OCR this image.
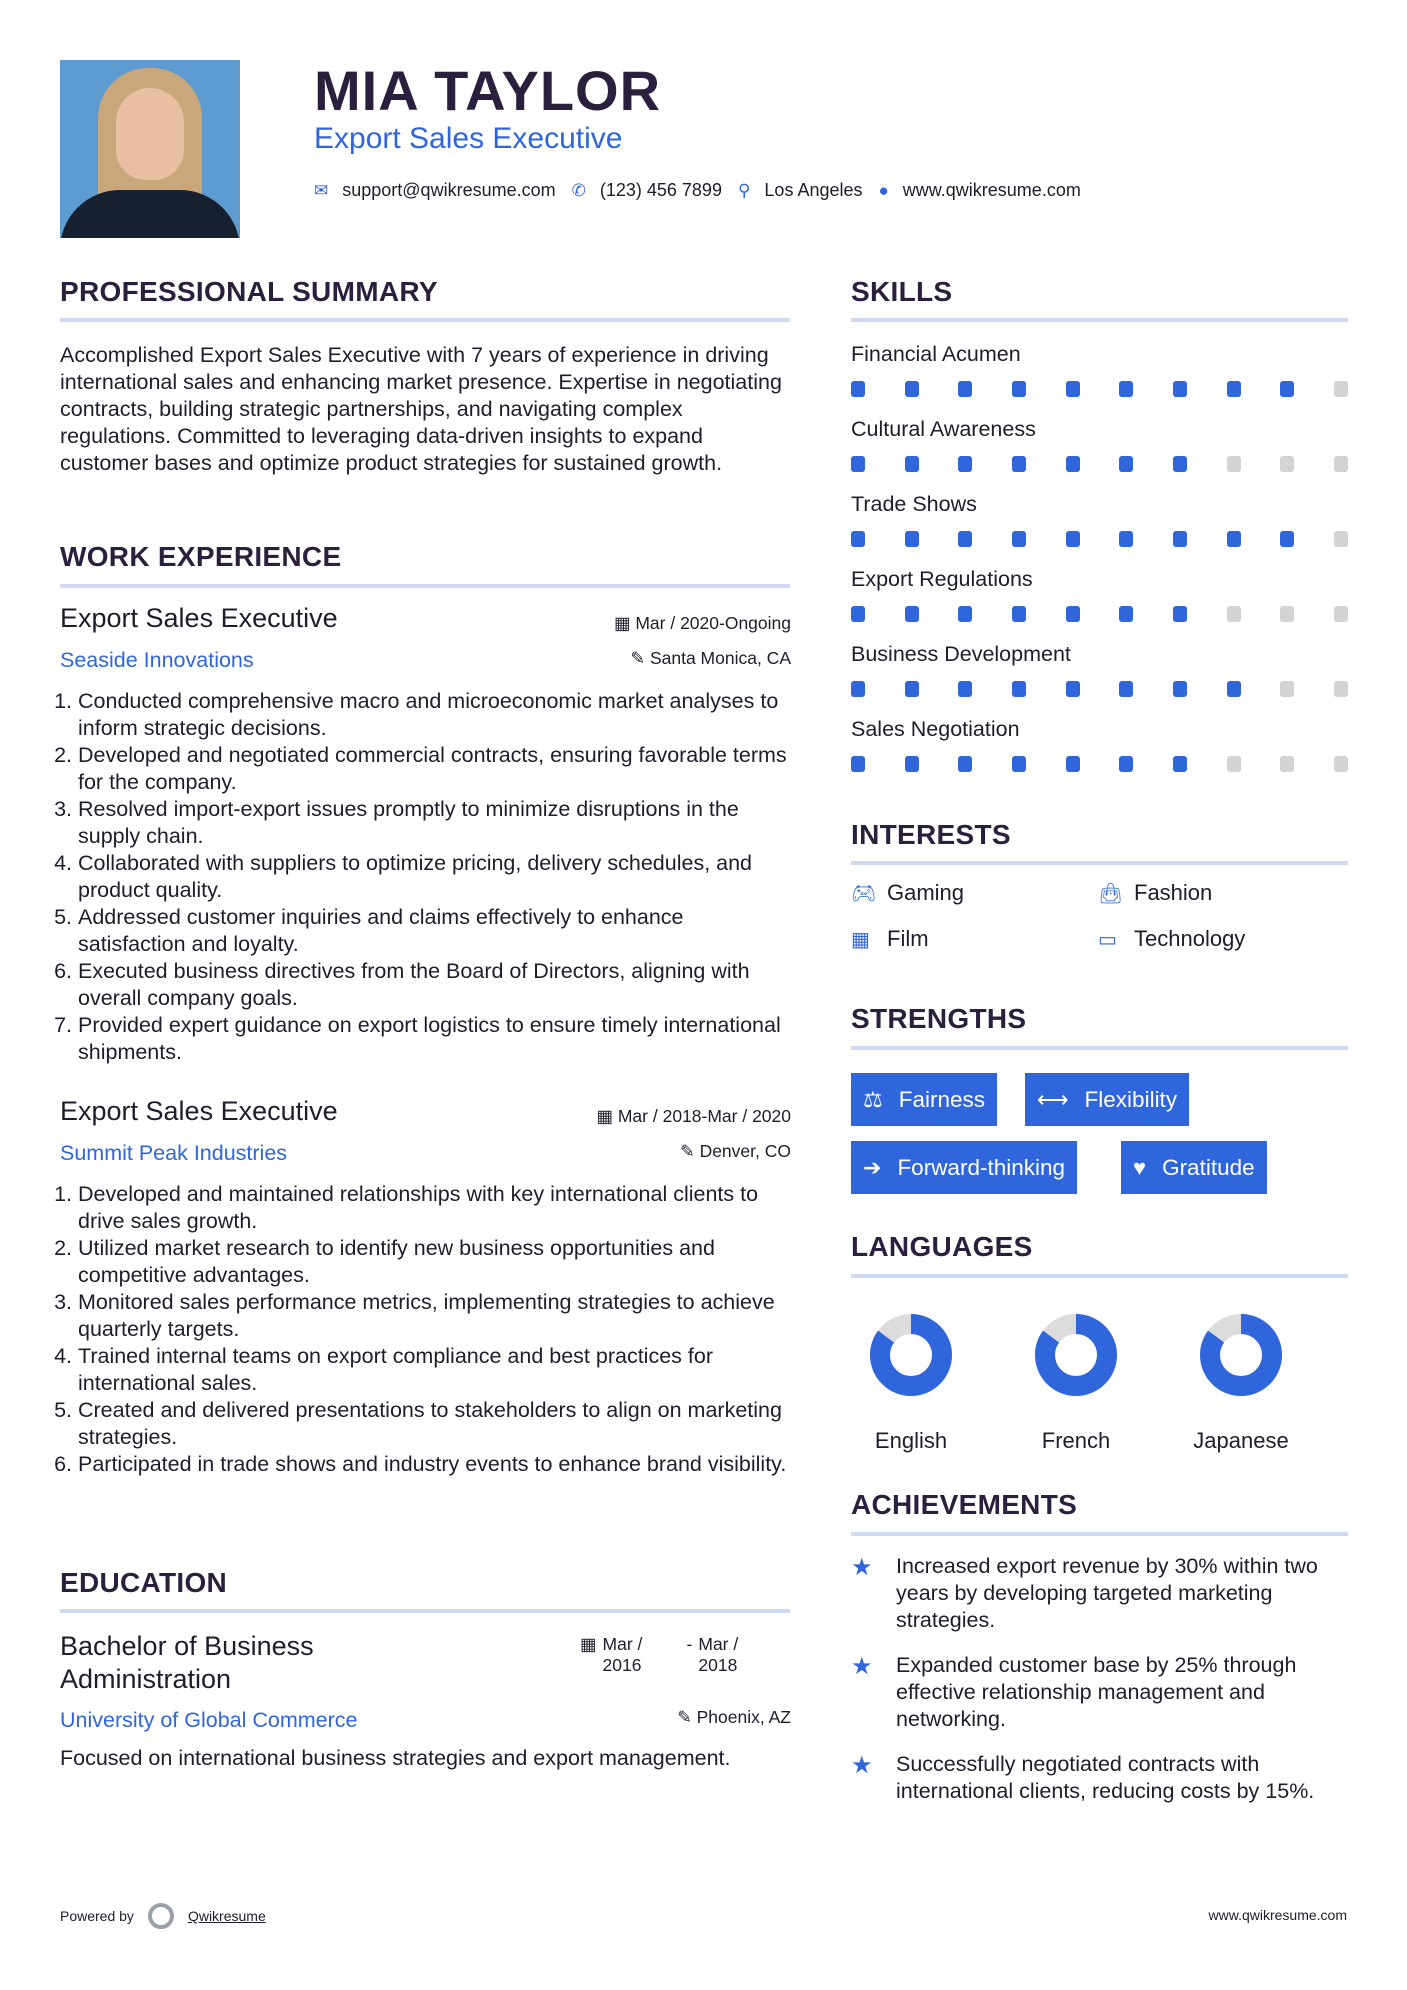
MIA TAYLOR
Export Sales Executive
✉ support@qwikresume.com ✆ (123) 456 7899 ⚲ Los Angeles ● www.qwikresume.com
PROFESSIONAL SUMMARY
Accomplished Export Sales Executive with 7 years of experience in driving international sales and enhancing market presence. Expertise in negotiating contracts, building strategic partnerships, and navigating complex regulations. Committed to leveraging data-driven insights to expand customer bases and optimize product strategies for sustained growth.
WORK EXPERIENCE
Export Sales Executive	▦ Mar / 2020-Ongoing
Seaside Innovations	✎ Santa Monica, CA
1. Conducted comprehensive macro and microeconomic market analyses to inform strategic decisions.
2. Developed and negotiated commercial contracts, ensuring favorable terms for the company.
3. Resolved import-export issues promptly to minimize disruptions in the supply chain.
4. Collaborated with suppliers to optimize pricing, delivery schedules, and product quality.
5. Addressed customer inquiries and claims effectively to enhance satisfaction and loyalty.
6. Executed business directives from the Board of Directors, aligning with overall company goals.
7. Provided expert guidance on export logistics to ensure timely international shipments.
Export Sales Executive	▦ Mar / 2018-Mar / 2020
Summit Peak Industries	✎ Denver, CO
1. Developed and maintained relationships with key international clients to drive sales growth.
2. Utilized market research to identify new business opportunities and competitive advantages.
3. Monitored sales performance metrics, implementing strategies to achieve quarterly targets.
4. Trained internal teams on export compliance and best practices for international sales.
5. Created and delivered presentations to stakeholders to align on marketing strategies.
6. Participated in trade shows and industry events to enhance brand visibility.
EDUCATION
Bachelor of Business Administration
▦ Mar / 2016
- Mar / 2018
University of Global Commerce	✎ Phoenix, AZ
Focused on international business strategies and export management.
SKILLS
Financial Acumen
Cultural Awareness
Trade Shows
Export Regulations
Business Development
Sales Negotiation
INTERESTS
🎮︎ Gaming	👜︎ Fashion
▦ Film	▭ Technology
STRENGTHS
⚖ Fairness ⟷ Flexibility
➔ Forward-thinking	♥ Gratitude
LANGUAGES
English	French	Japanese
ACHIEVEMENTS
★	Increased export revenue by 30% within two years by developing targeted marketing strategies.
★	Expanded customer base by 25% through effective relationship management and networking.
★	Successfully negotiated contracts with international clients, reducing costs by 15%.
Powered by	Qwikresume	www.qwikresume.com
